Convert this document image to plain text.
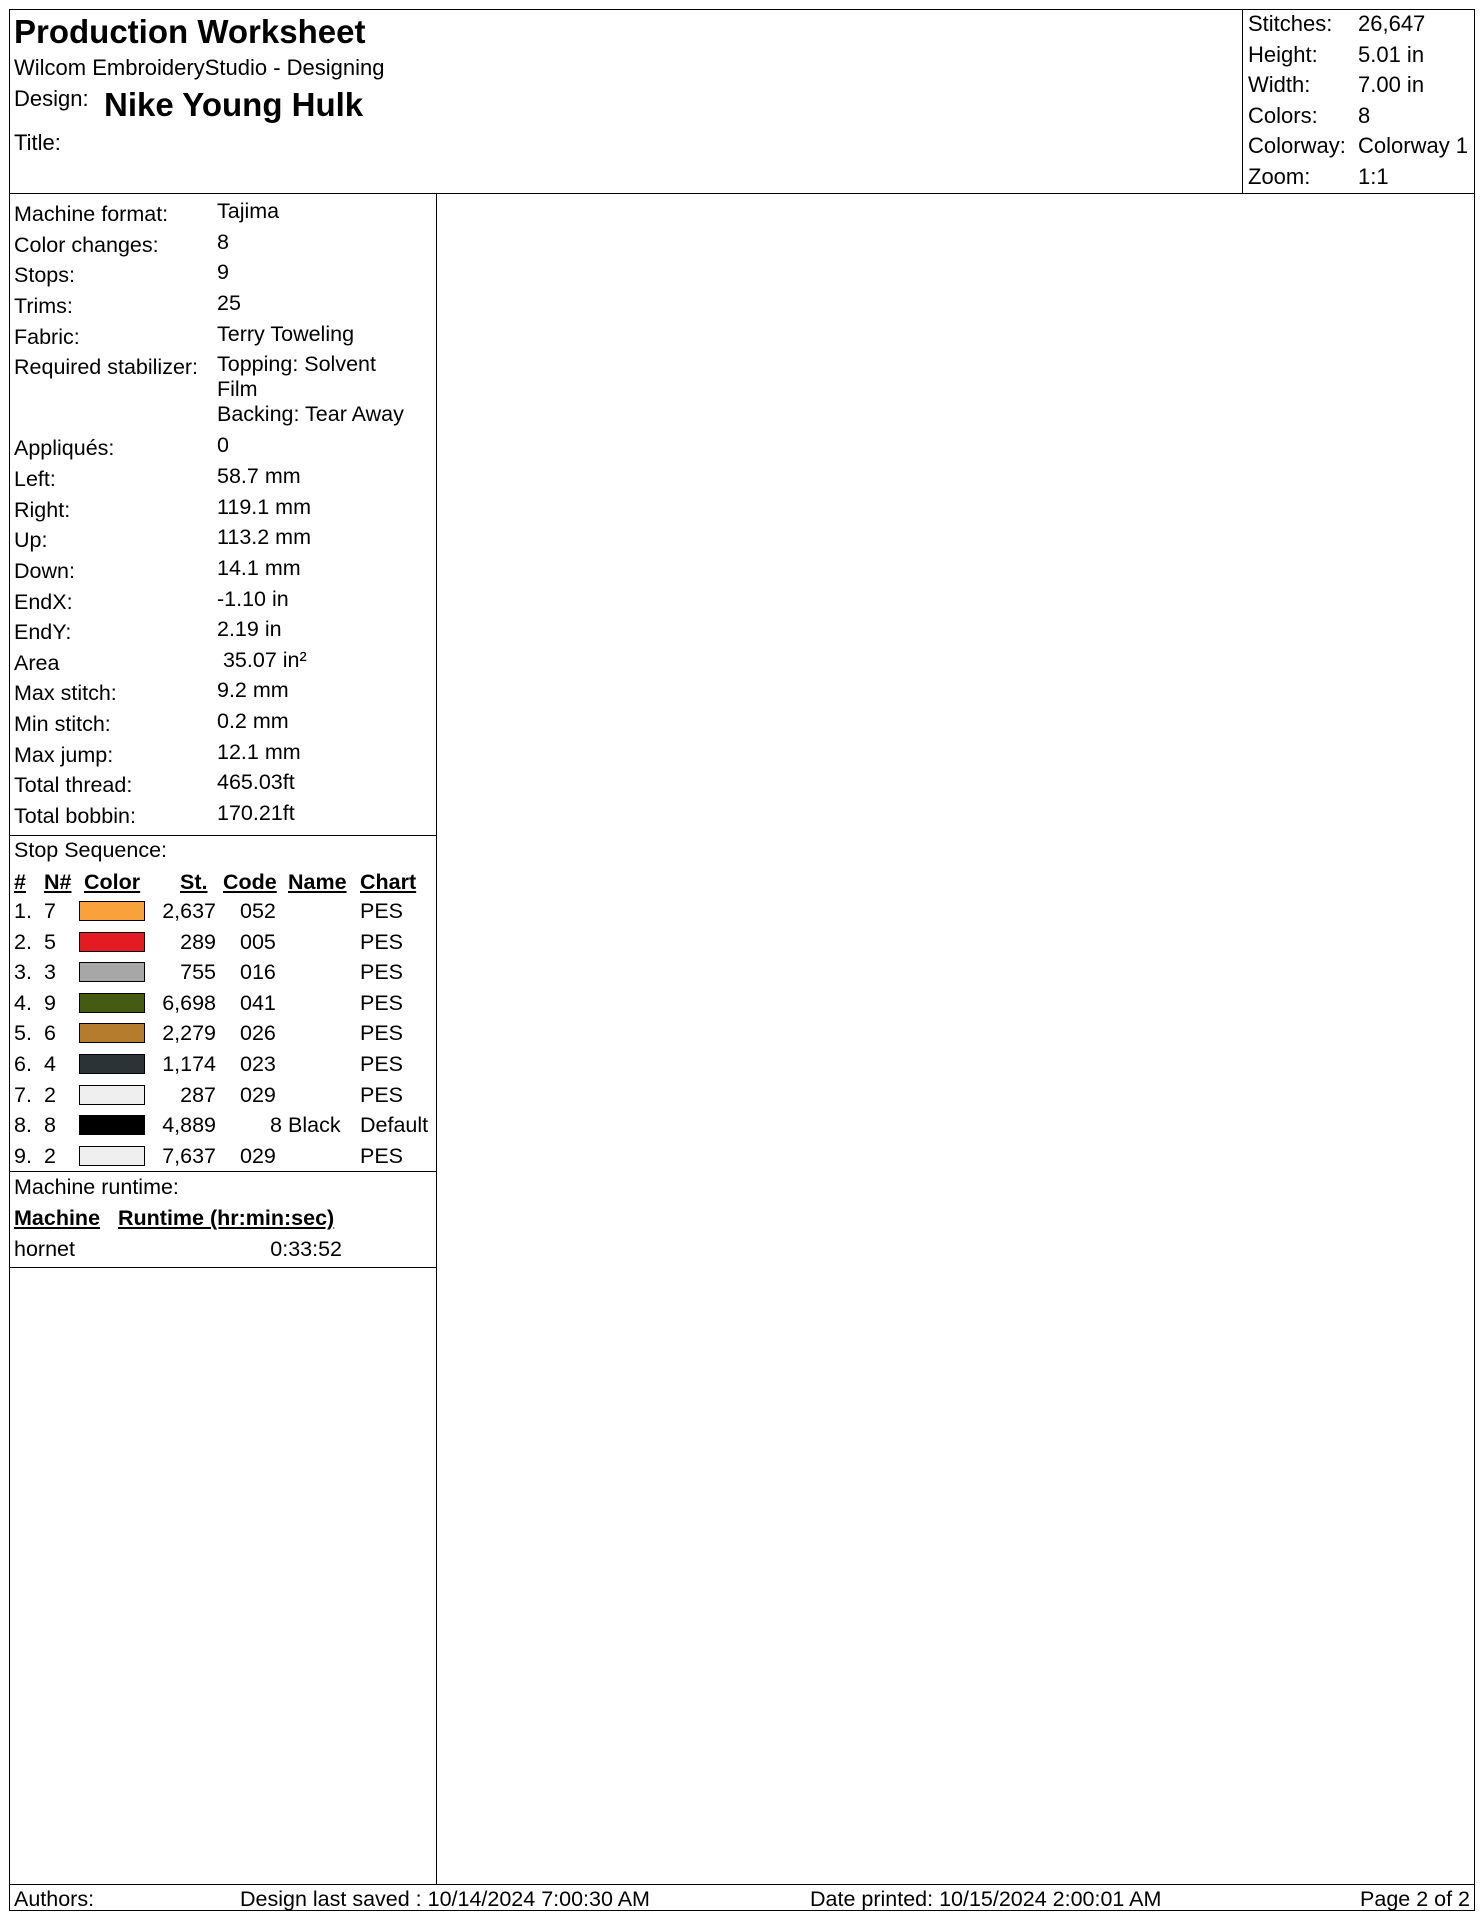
Production Worksheet
Wilcom EmbroideryStudio - Designing
Design: Nike Young Hulk
Title:
Stitches: 26,647
Height: 5.01 in
Width: 7.00 in
Colors: 8
Colorway: Colorway 1
Zoom: 1:1
Machine format: Tajima
Color changes:	8
Stops:	9
Trims:	25
Fabric:	Terry Toweling
Required stabilizer: Topping: Solvent
Film
Backing: Tear Away
Appliqués:	0
Left:	58.7 mm
Right:	119.1 mm
Up:	113.2 mm
Down:	14.1 mm
EndX:	-1.10 in
EndY:	2.19 in
Area	35.07 in²
Max stitch:	9.2 mm
Min stitch:	0.2 mm
Max jump:	12.1 mm
Total thread:	465.03ft
Total bobbin:	170.21ft
Stop Sequence:
# N# Color St. Code Name Chart
1. 7	2,637 052	PES
2. 5	289 005	PES
3. 3	755 016	PES
4. 9	6,698 041	PES
5. 6	2,279 026	PES
6. 4	1,174 023	PES
7. 2	287 029	PES
8. 8	4,889	8 Black Default
9. 2	7,637 029	PES
Machine runtime:
Machine Runtime (hr:min:sec)
hornet	0:33:52
Authors:	Design last saved : 10/14/2024 7:00:30 AM	Date printed: 10/15/2024 2:00:01 AM	Page 2 of 2
